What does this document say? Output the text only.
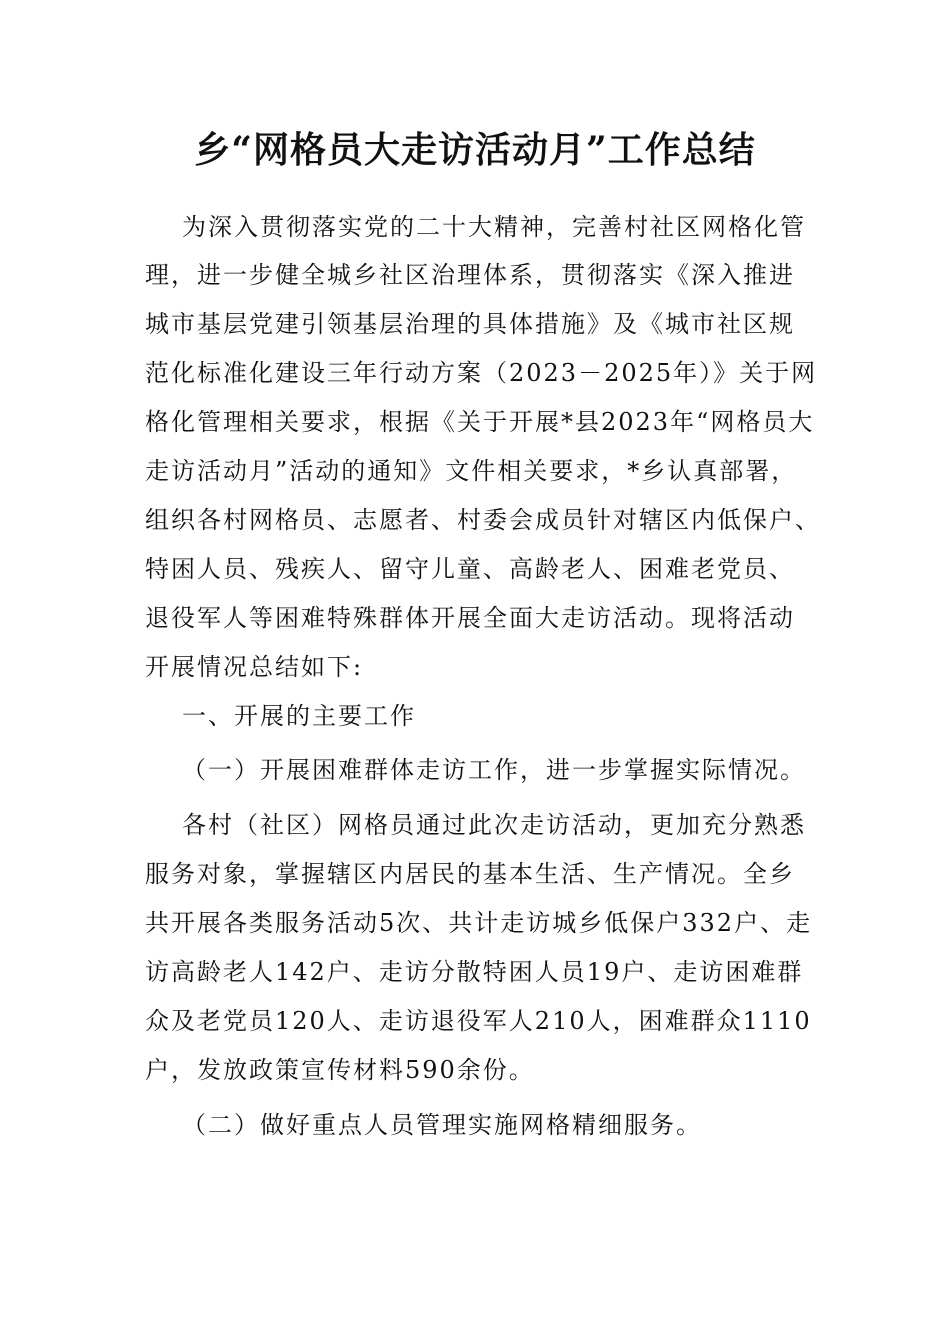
乡“网格员大走访活动月”工作总结

为深入贯彻落实党的二十大精神，完善村社区网格化管

理，进一步健全城乡社区治理体系，贯彻落实《深入推进

城市基层党建引领基层治理的具体措施》及《城市社区规

范化标准化建设三年行动方案（2023－2025年）》关于网

格化管理相关要求，根据《关于开展*县2023年“网格员大

走访活动月”活动的通知》文件相关要求，*乡认真部署，

组织各村网格员、志愿者、村委会成员针对辖区内低保户、

特困人员、残疾人、留守儿童、高龄老人、困难老党员、

退役军人等困难特殊群体开展全面大走访活动。现将活动

开展情况总结如下:

一、开展的主要工作

（一）开展困难群体走访工作，进一步掌握实际情况。

各村（社区）网格员通过此次走访活动，更加充分熟悉

服务对象，掌握辖区内居民的基本生活、生产情况。全乡

共开展各类服务活动5次、共计走访城乡低保户332户、走

访高龄老人142户、走访分散特困人员19户、走访困难群

众及老党员120人、走访退役军人210人，困难群众1110

户，发放政策宣传材料590余份。

（二）做好重点人员管理实施网格精细服务。
